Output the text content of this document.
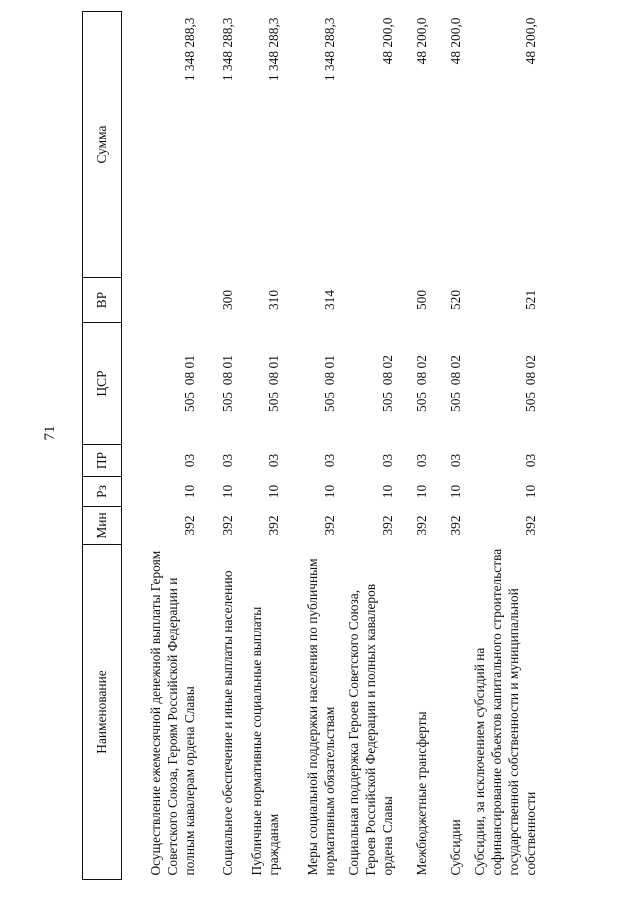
71
Наименование	Мин	Рз	ПР	ЦСР	ВР	Сумма
Осуществление ежемесячной денежной выплаты Героям Советского Союза, Героям Российской Федерации и полным кавалерам ордена Славы	392	10	03	505  08 01		1 348 288,3
Социальное обеспечение и иные выплаты населению	392	10	03	505  08 01	300	1 348 288,3
Публичные нормативные социальные выплаты гражданам	392	10	03	505  08 01	310	1 348 288,3
Меры социальной поддержки населения по публичным нормативным обязательствам	392	10	03	505  08 01	314	1 348 288,3
Социальная поддержка Героев Советского Союза, Героев Российской Федерации и полных кавалеров ордена Славы	392	10	03	505  08 02		48 200,0
Межбюджетные трансферты	392	10	03	505  08 02	500	48 200,0
Субсидии	392	10	03	505  08 02	520	48 200,0
Субсидии, за исключением субсидий на софинансирование объектов капитального строительства государственной собственности и муниципальной собственности	392	10	03	505  08 02	521	48 200,0
